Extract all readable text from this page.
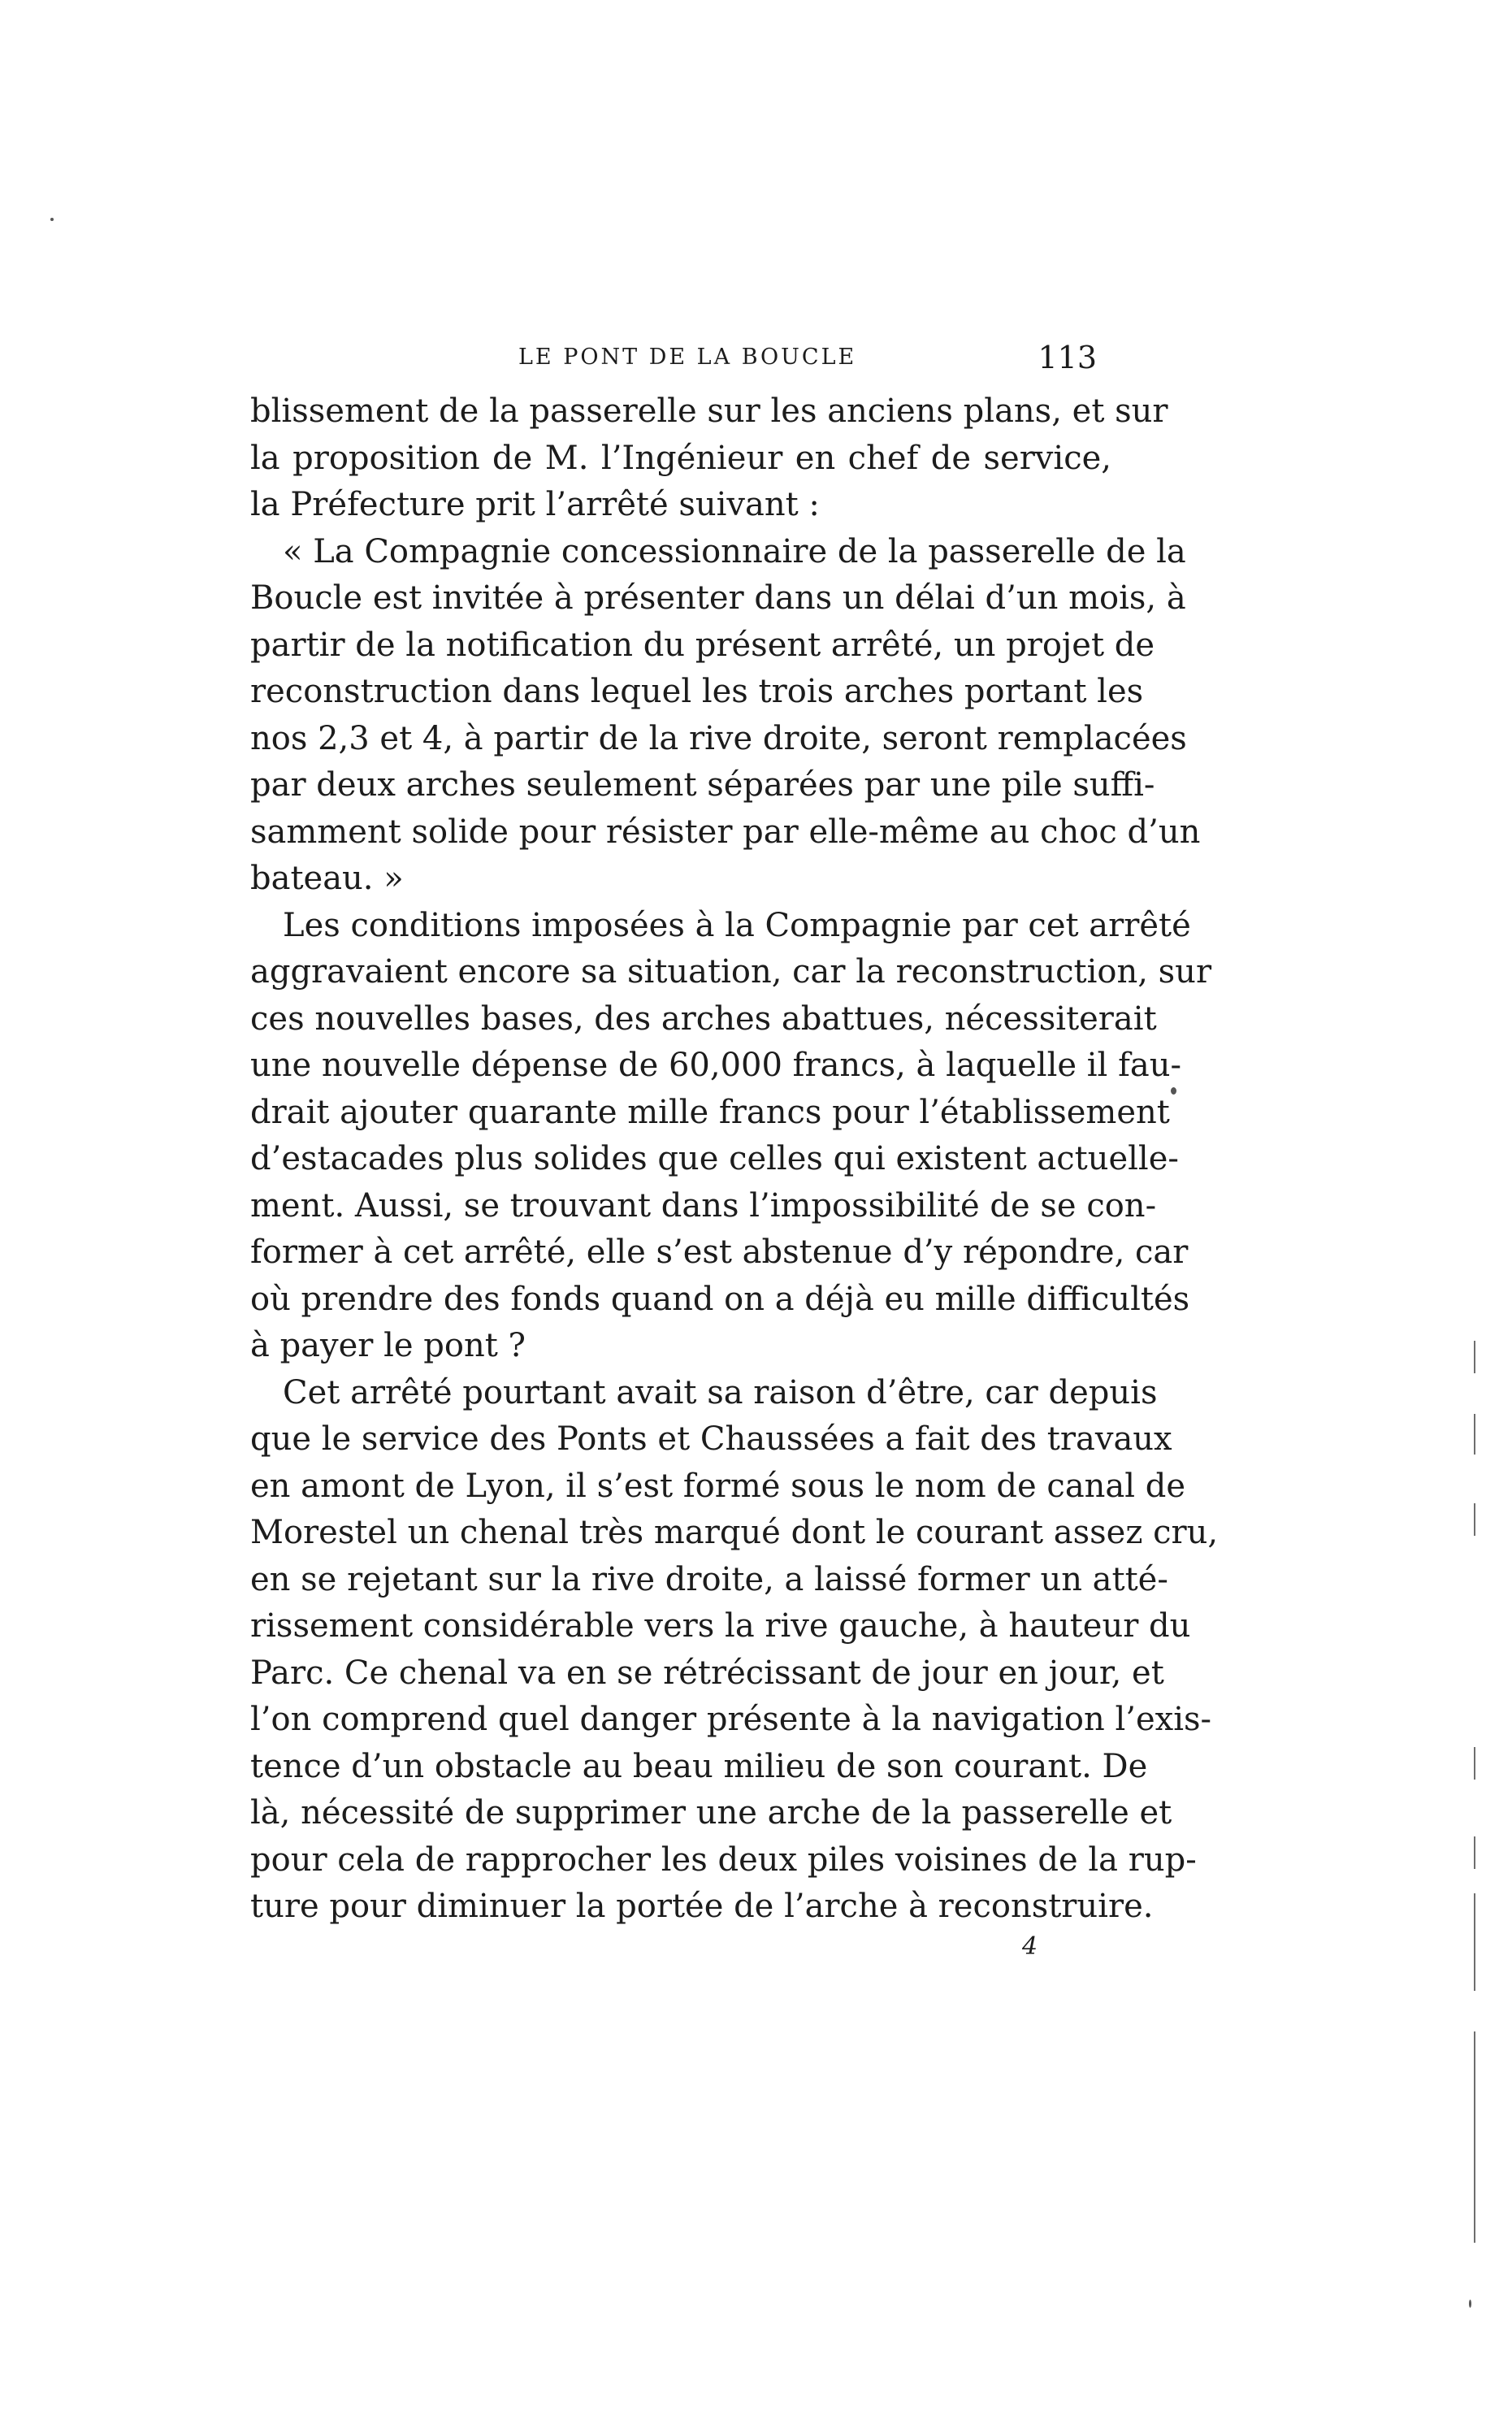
LE PONT DE LA BOUCLE	113
blissement de la passerelle sur les anciens plans, et sur
la proposition de M. l’Ingénieur en chef de service,
la Préfecture prit l’arrêté suivant :
« La Compagnie concessionnaire de la passerelle de la
Boucle est invitée à présenter dans un délai d’un mois, à
partir de la notification du présent arrêté, un projet de
reconstruction dans lequel les trois arches portant les
nos 2,3 et 4, à partir de la rive droite, seront remplacées
par deux arches seulement séparées par une pile suffi-
samment solide pour résister par elle-même au choc d’un
bateau. »
Les conditions imposées à la Compagnie par cet arrêté
aggravaient encore sa situation, car la reconstruction, sur
ces nouvelles bases, des arches abattues, nécessiterait
une nouvelle dépense de 60,000 francs, à laquelle il fau-
drait ajouter quarante mille francs pour l’établissement
d’estacades plus solides que celles qui existent actuelle-
ment. Aussi, se trouvant dans l’impossibilité de se con-
former à cet arrêté, elle s’est abstenue d’y répondre, car
où prendre des fonds quand on a déjà eu mille difficultés
à payer le pont ?
Cet arrêté pourtant avait sa raison d’être, car depuis
que le service des Ponts et Chaussées a fait des travaux
en amont de Lyon, il s’est formé sous le nom de canal de
Morestel un chenal très marqué dont le courant assez cru,
en se rejetant sur la rive droite, a laissé former un atté-
rissement considérable vers la rive gauche, à hauteur du
Parc. Ce chenal va en se rétrécissant de jour en jour, et
l’on comprend quel danger présente à la navigation l’exis-
tence d’un obstacle au beau milieu de son courant. De
là, nécessité de supprimer une arche de la passerelle et
pour cela de rapprocher les deux piles voisines de la rup-
ture pour diminuer la portée de l’arche à reconstruire.
4
